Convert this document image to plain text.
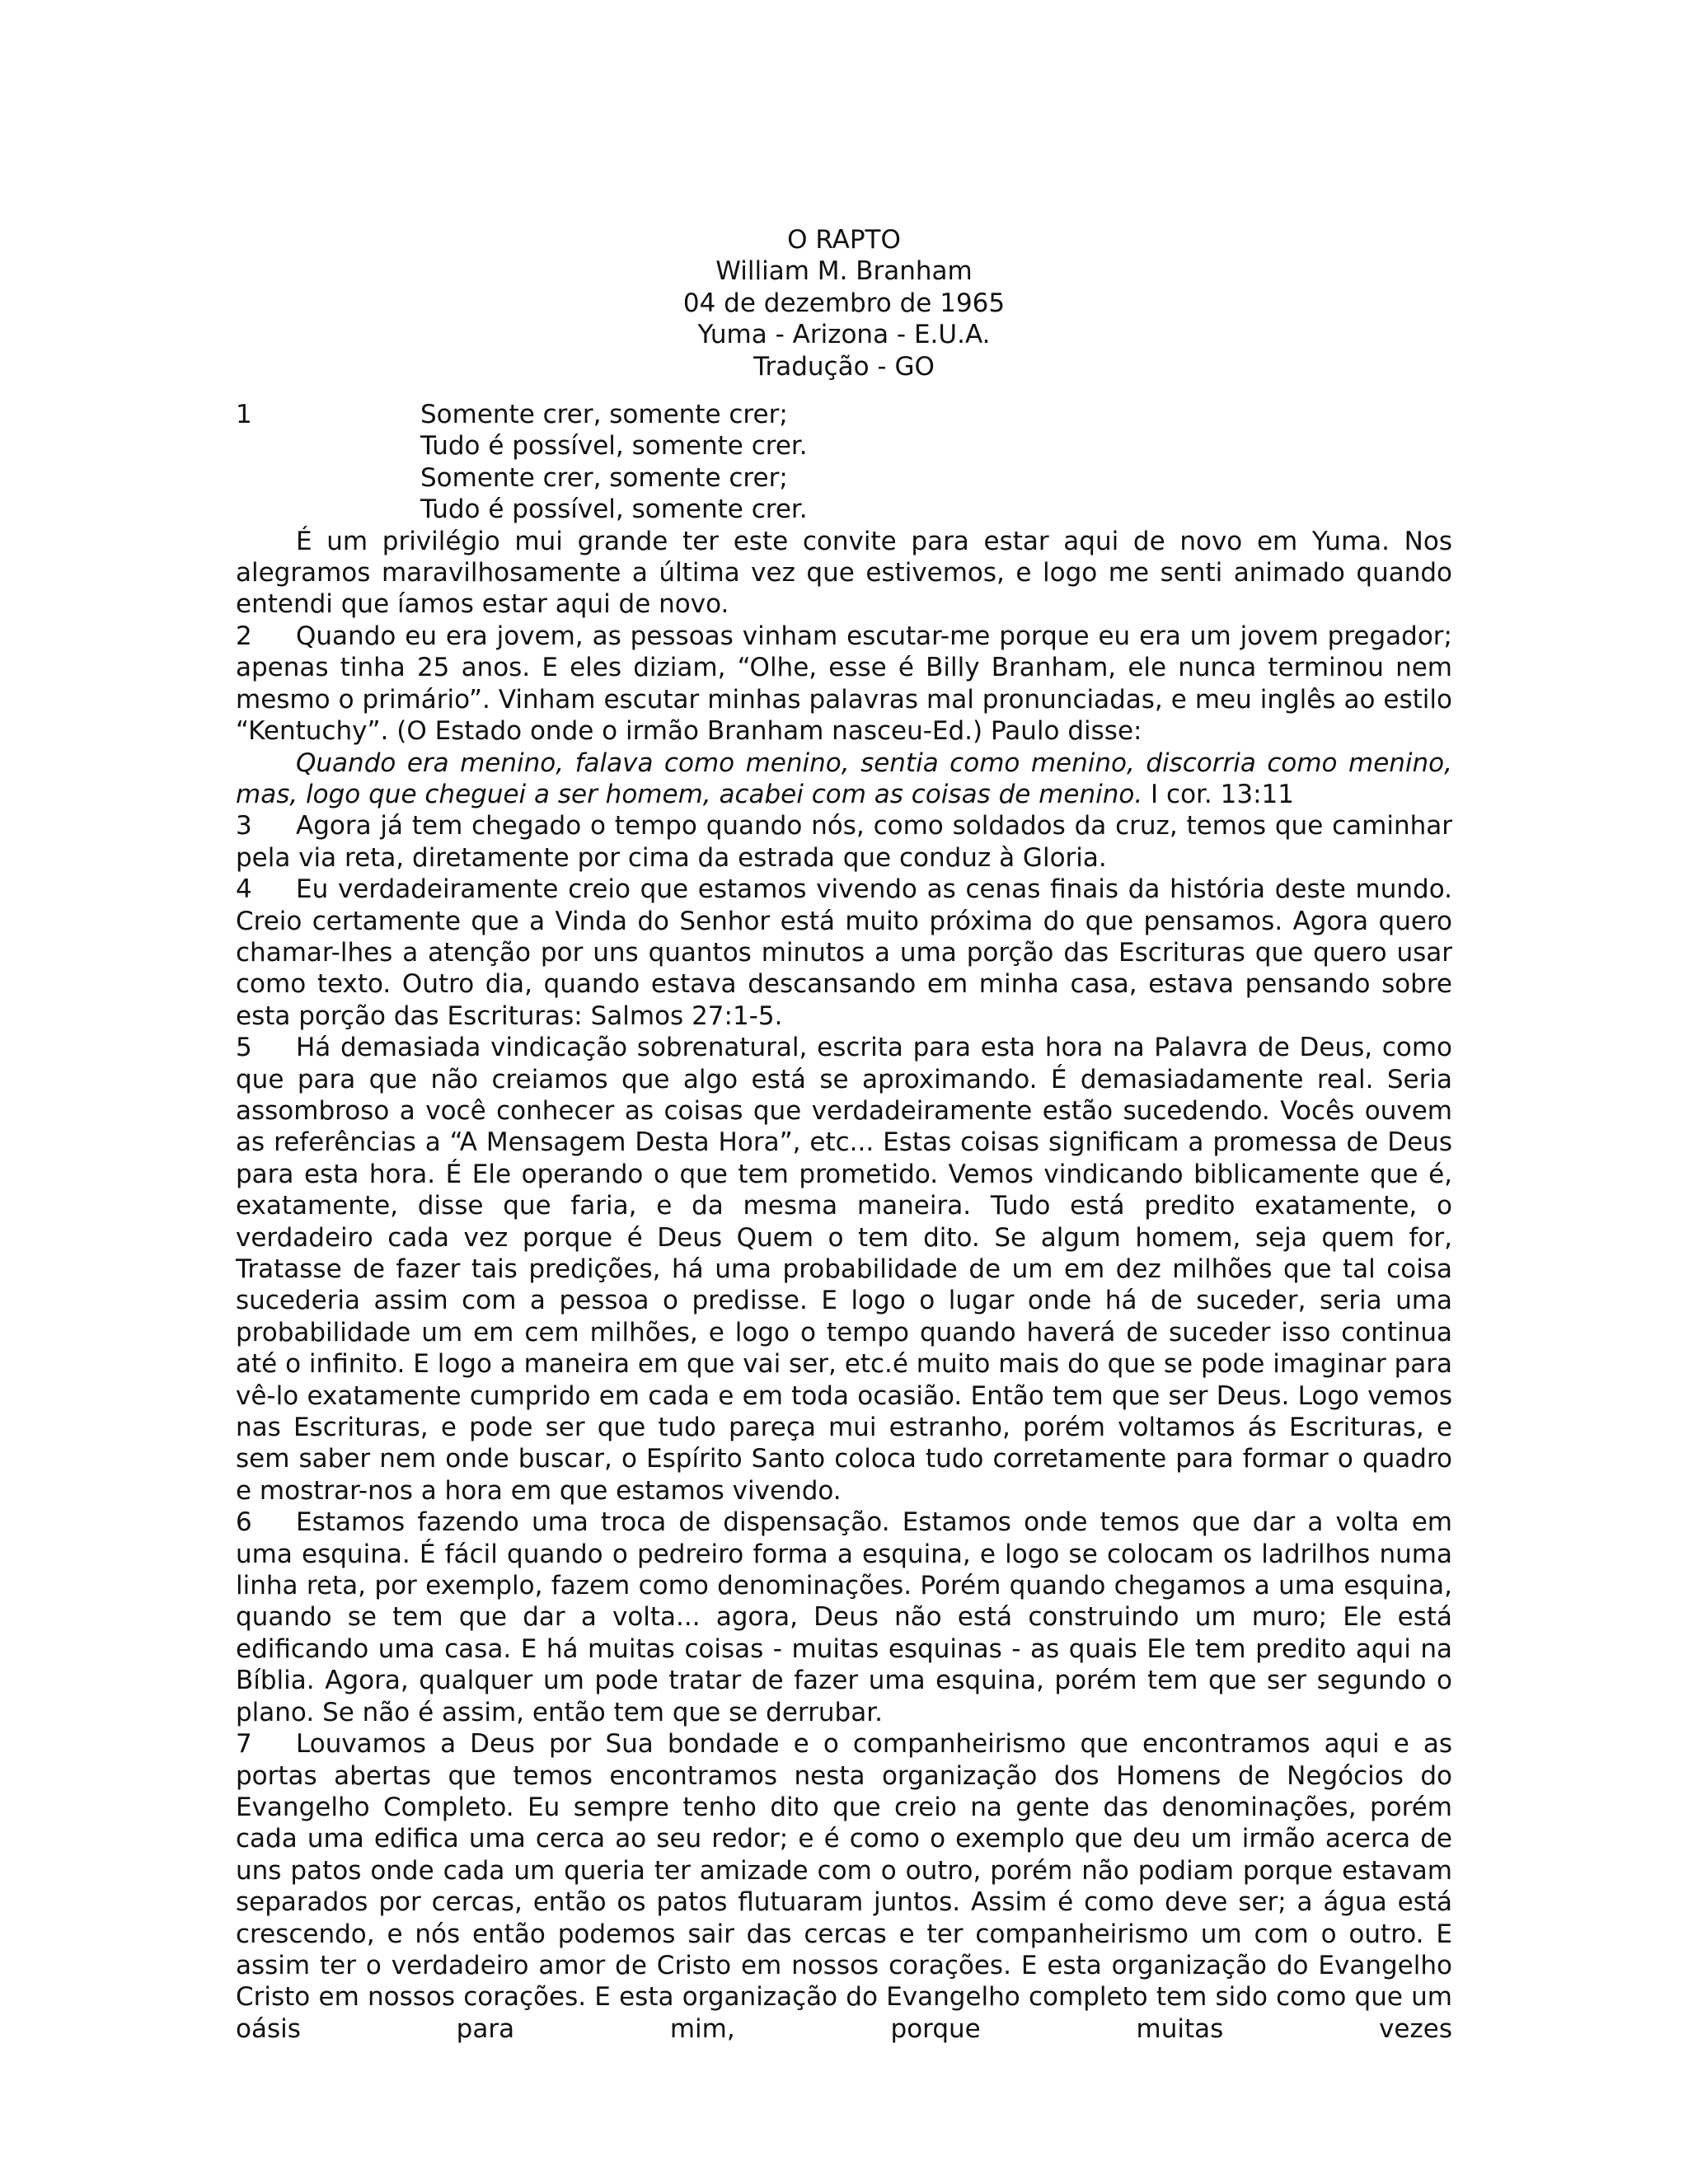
O RAPTO
William M. Branham
04 de dezembro de 1965
Yuma - Arizona - E.U.A.
Tradução - GO
1	Somente crer, somente crer;
Tudo é possível, somente crer.
Somente crer, somente crer;
Tudo é possível, somente crer.

É um privilégio mui grande ter este convite para estar aqui de novo em Yuma. Nos alegramos maravilhosamente a última vez que estivemos, e logo me senti animado quando entendi que íamos estar aqui de novo.

2 Quando eu era jovem, as pessoas vinham escutar-me porque eu era um jovem pregador; apenas tinha 25 anos. E eles diziam, “Olhe, esse é Billy Branham, ele nunca terminou nem mesmo o primário”. Vinham escutar minhas palavras mal pronunciadas, e meu inglês ao estilo “Kentuchy”. (O Estado onde o irmão Branham nasceu-Ed.) Paulo disse:

Quando era menino, falava como menino, sentia como menino, discorria como menino, mas, logo que cheguei a ser homem, acabei com as coisas de menino. I cor. 13:11

3 Agora já tem chegado o tempo quando nós, como soldados da cruz, temos que caminhar pela via reta, diretamente por cima da estrada que conduz à Gloria.

4 Eu verdadeiramente creio que estamos vivendo as cenas finais da história deste mundo. Creio certamente que a Vinda do Senhor está muito próxima do que pensamos. Agora quero chamar-lhes a atenção por uns quantos minutos a uma porção das Escrituras que quero usar como texto. Outro dia, quando estava descansando em minha casa, estava pensando sobre esta porção das Escrituras: Salmos 27:1-5.

5 Há demasiada vindicação sobrenatural, escrita para esta hora na Palavra de Deus, como que para que não creiamos que algo está se aproximando. É demasiadamente real. Seria assombroso a você conhecer as coisas que verdadeiramente estão sucedendo. Vocês ouvem as referências a “A Mensagem Desta Hora”, etc... Estas coisas significam a promessa de Deus para esta hora. É Ele operando o que tem prometido. Vemos vindicando biblicamente que é, exatamente, disse que faria, e da mesma maneira. Tudo está predito exatamente, o verdadeiro cada vez porque é Deus Quem o tem dito. Se algum homem, seja quem for, Tratasse de fazer tais predições, há uma probabilidade de um em dez milhões que tal coisa sucederia assim com a pessoa o predisse. E logo o lugar onde há de suceder, seria uma probabilidade um em cem milhões, e logo o tempo quando haverá de suceder isso continua até o infinito. E logo a maneira em que vai ser, etc.é muito mais do que se pode imaginar para vê-lo exatamente cumprido em cada e em toda ocasião. Então tem que ser Deus. Logo vemos nas Escrituras, e pode ser que tudo pareça mui estranho, porém voltamos ás Escrituras, e sem saber nem onde buscar, o Espírito Santo coloca tudo corretamente para formar o quadro e mostrar-nos a hora em que estamos vivendo.

6 Estamos fazendo uma troca de dispensação. Estamos onde temos que dar a volta em uma esquina. É fácil quando o pedreiro forma a esquina, e logo se colocam os ladrilhos numa linha reta, por exemplo, fazem como denominações. Porém quando chegamos a uma esquina, quando se tem que dar a volta... agora, Deus não está construindo um muro; Ele está edificando uma casa. E há muitas coisas - muitas esquinas - as quais Ele tem predito aqui na Bíblia. Agora, qualquer um pode tratar de fazer uma esquina, porém tem que ser segundo o plano. Se não é assim, então tem que se derrubar.

7 Louvamos a Deus por Sua bondade e o companheirismo que encontramos aqui e as portas abertas que temos encontramos nesta organização dos Homens de Negócios do Evangelho Completo. Eu sempre tenho dito que creio na gente das denominações, porém cada uma edifica uma cerca ao seu redor; e é como o exemplo que deu um irmão acerca de uns patos onde cada um queria ter amizade com o outro, porém não podiam porque estavam separados por cercas, então os patos flutuaram juntos. Assim é como deve ser; a água está crescendo, e nós então podemos sair das cercas e ter companheirismo um com o outro. E assim ter o verdadeiro amor de Cristo em nossos corações. E esta organização do Evangelho Cristo em nossos corações. E esta organização do Evangelho completo tem sido como que um oásis para mim, porque muitas vezes
